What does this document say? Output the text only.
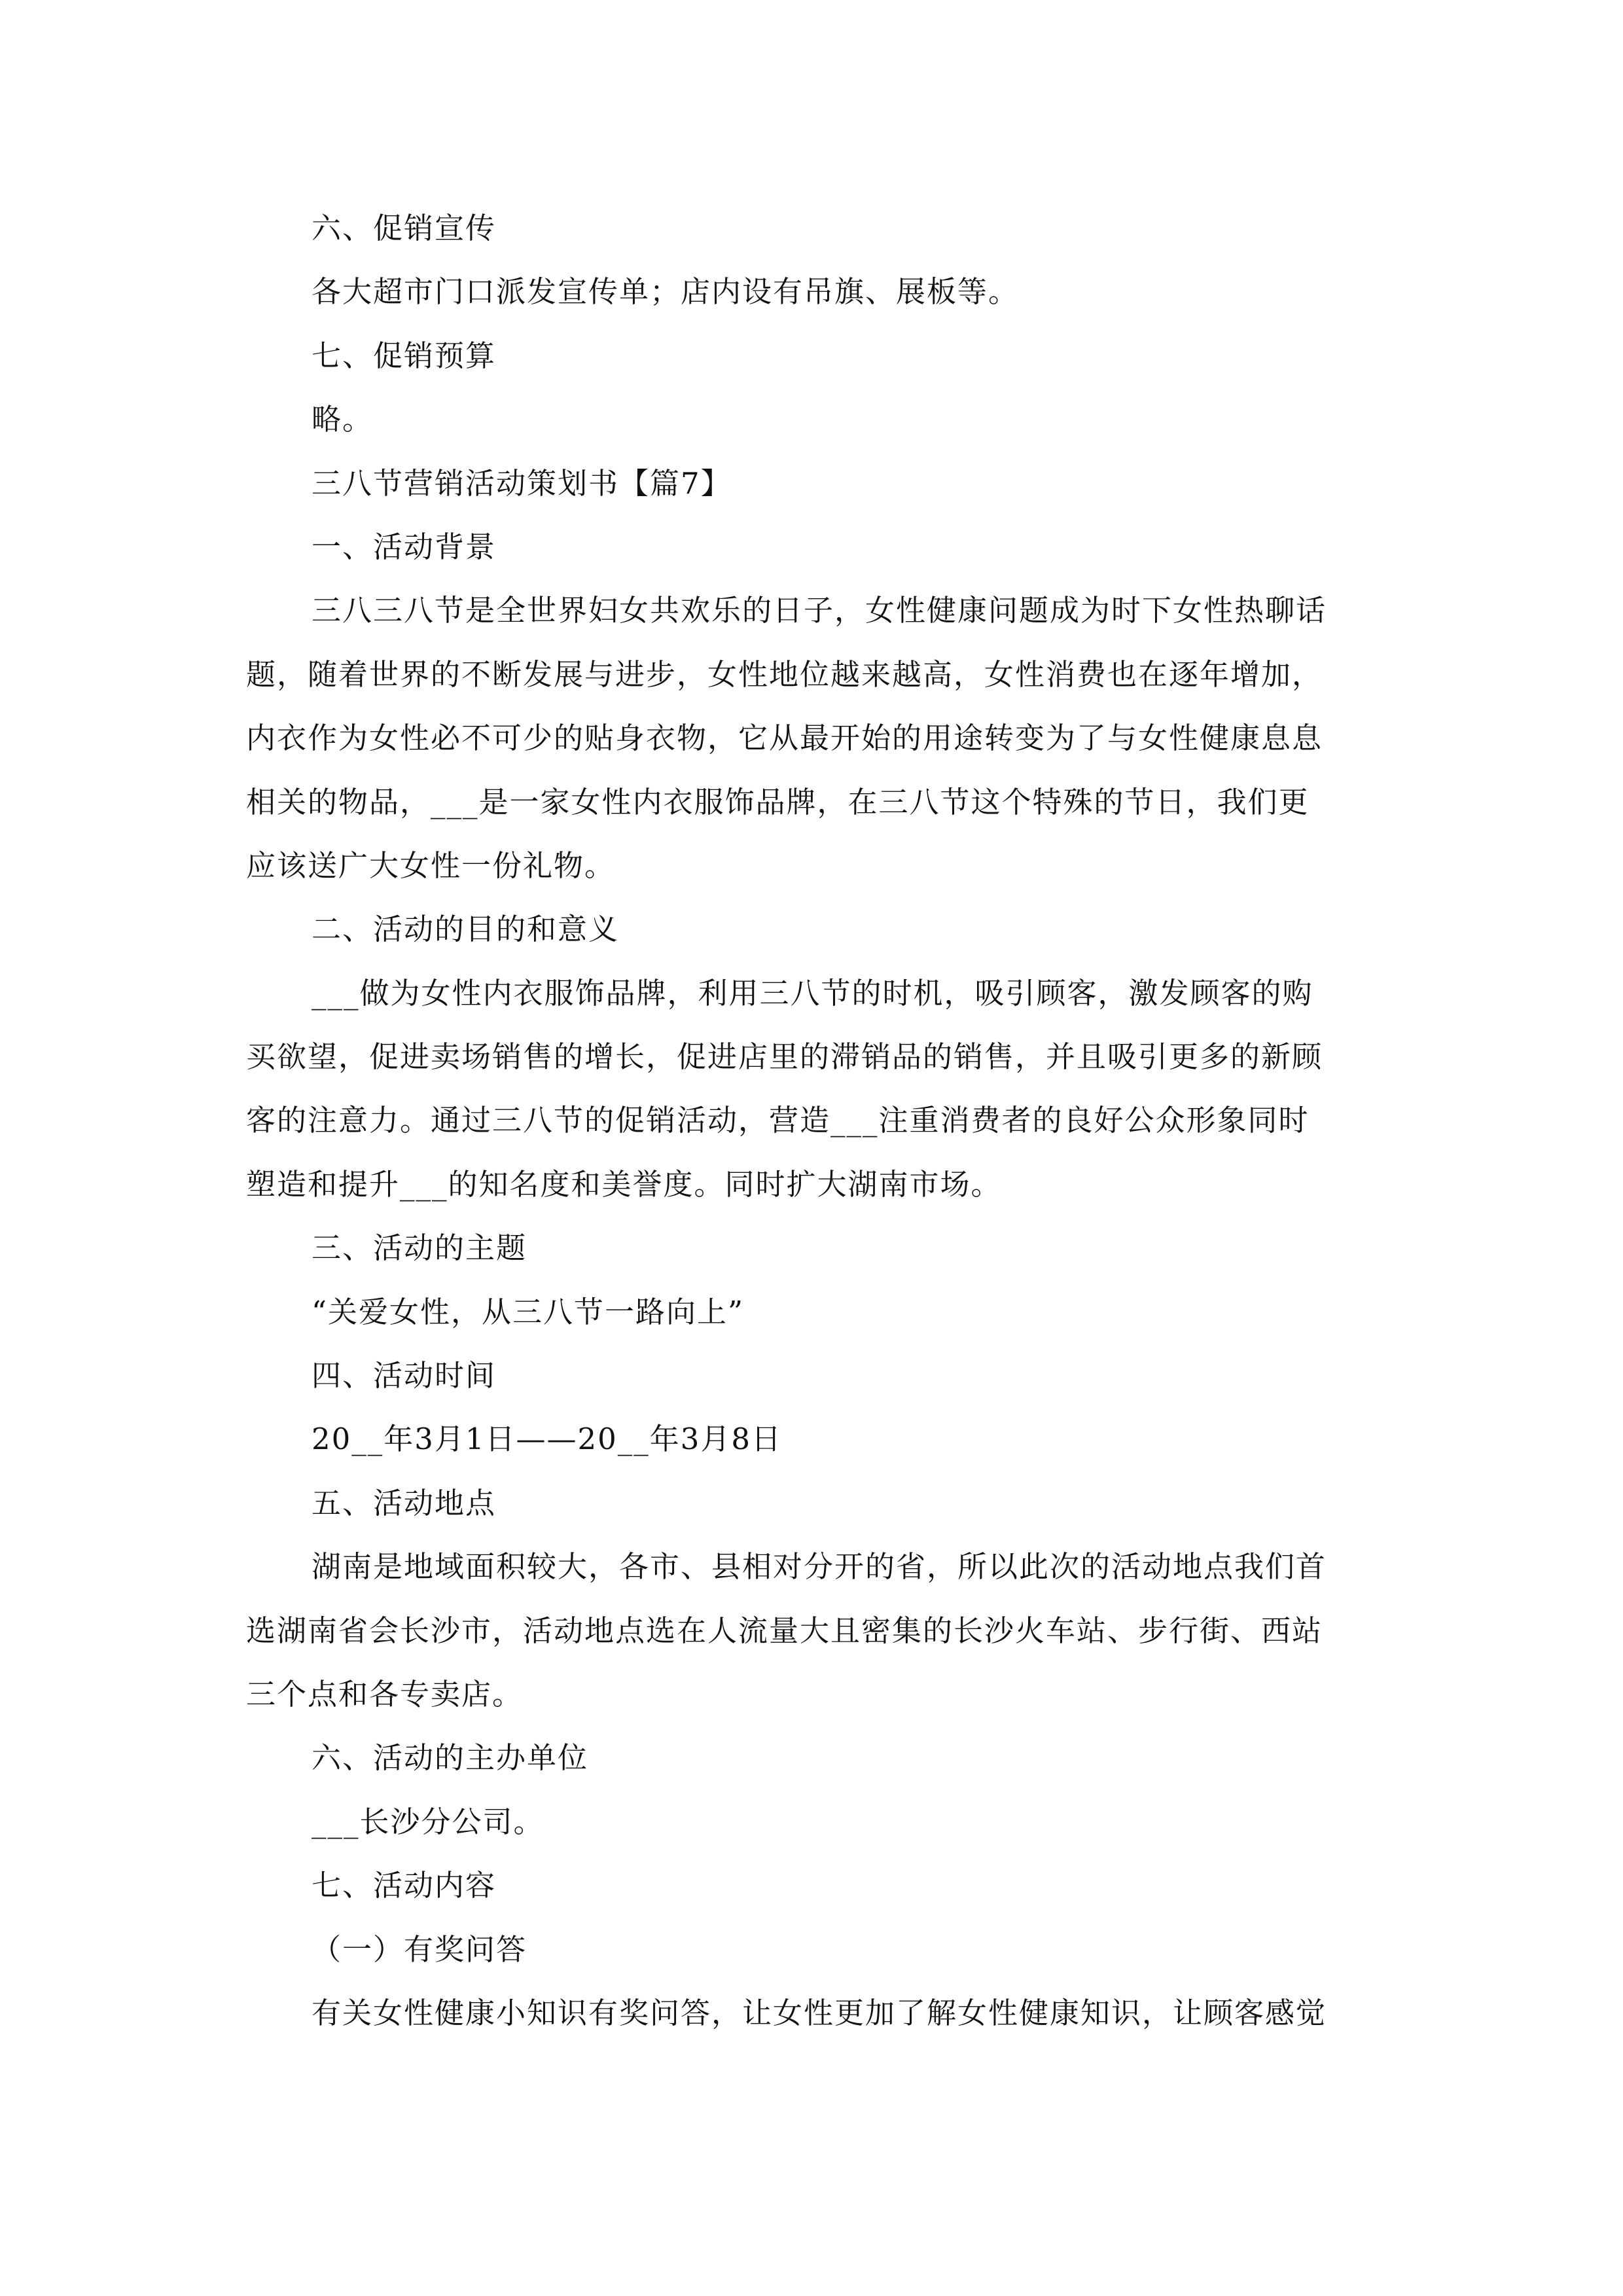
六、促销宣传
各大超市门口派发宣传单；店内设有吊旗、展板等。
七、促销预算
略。
三八节营销活动策划书【篇7】
一、活动背景
三八三八节是全世界妇女共欢乐的日子，女性健康问题成为时下女性热聊话
题，随着世界的不断发展与进步，女性地位越来越高，女性消费也在逐年增加，
内衣作为女性必不可少的贴身衣物，它从最开始的用途转变为了与女性健康息息
相关的物品，___是一家女性内衣服饰品牌，在三八节这个特殊的节日，我们更
应该送广大女性一份礼物。
二、活动的目的和意义
___做为女性内衣服饰品牌，利用三八节的时机，吸引顾客，激发顾客的购
买欲望，促进卖场销售的增长，促进店里的滞销品的销售，并且吸引更多的新顾
客的注意力。通过三八节的促销活动，营造___注重消费者的良好公众形象同时
塑造和提升___的知名度和美誉度。同时扩大湖南市场。
三、活动的主题
“关爱女性，从三八节一路向上”
四、活动时间
20__年3月1日——20__年3月8日
五、活动地点
湖南是地域面积较大，各市、县相对分开的省，所以此次的活动地点我们首
选湖南省会长沙市，活动地点选在人流量大且密集的长沙火车站、步行街、西站
三个点和各专卖店。
六、活动的主办单位
___长沙分公司。
七、活动内容
（一）有奖问答
有关女性健康小知识有奖问答，让女性更加了解女性健康知识，让顾客感觉
